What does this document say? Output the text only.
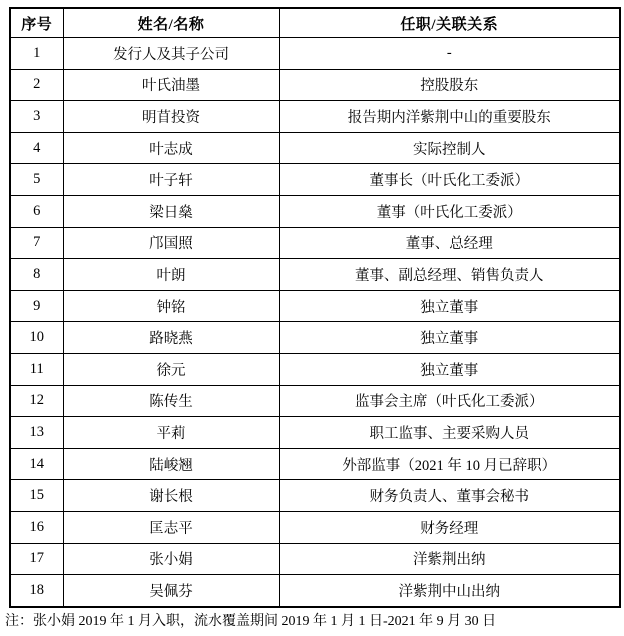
序号	姓名/名称	任职/关联关系
1	发行人及其子公司	-
2	叶氏油墨	控股股东
3	明苜投资	报告期内洋紫荆中山的重要股东
4	叶志成	实际控制人
5	叶子轩	董事长（叶氏化工委派）
6	梁日燊	董事（叶氏化工委派）
7	邝国照	董事、总经理
8	叶朗	董事、副总经理、销售负责人
9	钟铭	独立董事
10	路晓燕	独立董事
11	徐元	独立董事
12	陈传生	监事会主席（叶氏化工委派）
13	平莉	职工监事、主要采购人员
14	陆峻翘	外部监事（2021 年 10 月已辞职）
15	谢长根	财务负责人、董事会秘书
16	匡志平	财务经理
17	张小娟	洋紫荆出纳
18	吴佩芬	洋紫荆中山出纳
注：张小娟 2019 年 1 月入职，流水覆盖期间 2019 年 1 月 1 日-2021 年 9 月 30 日
